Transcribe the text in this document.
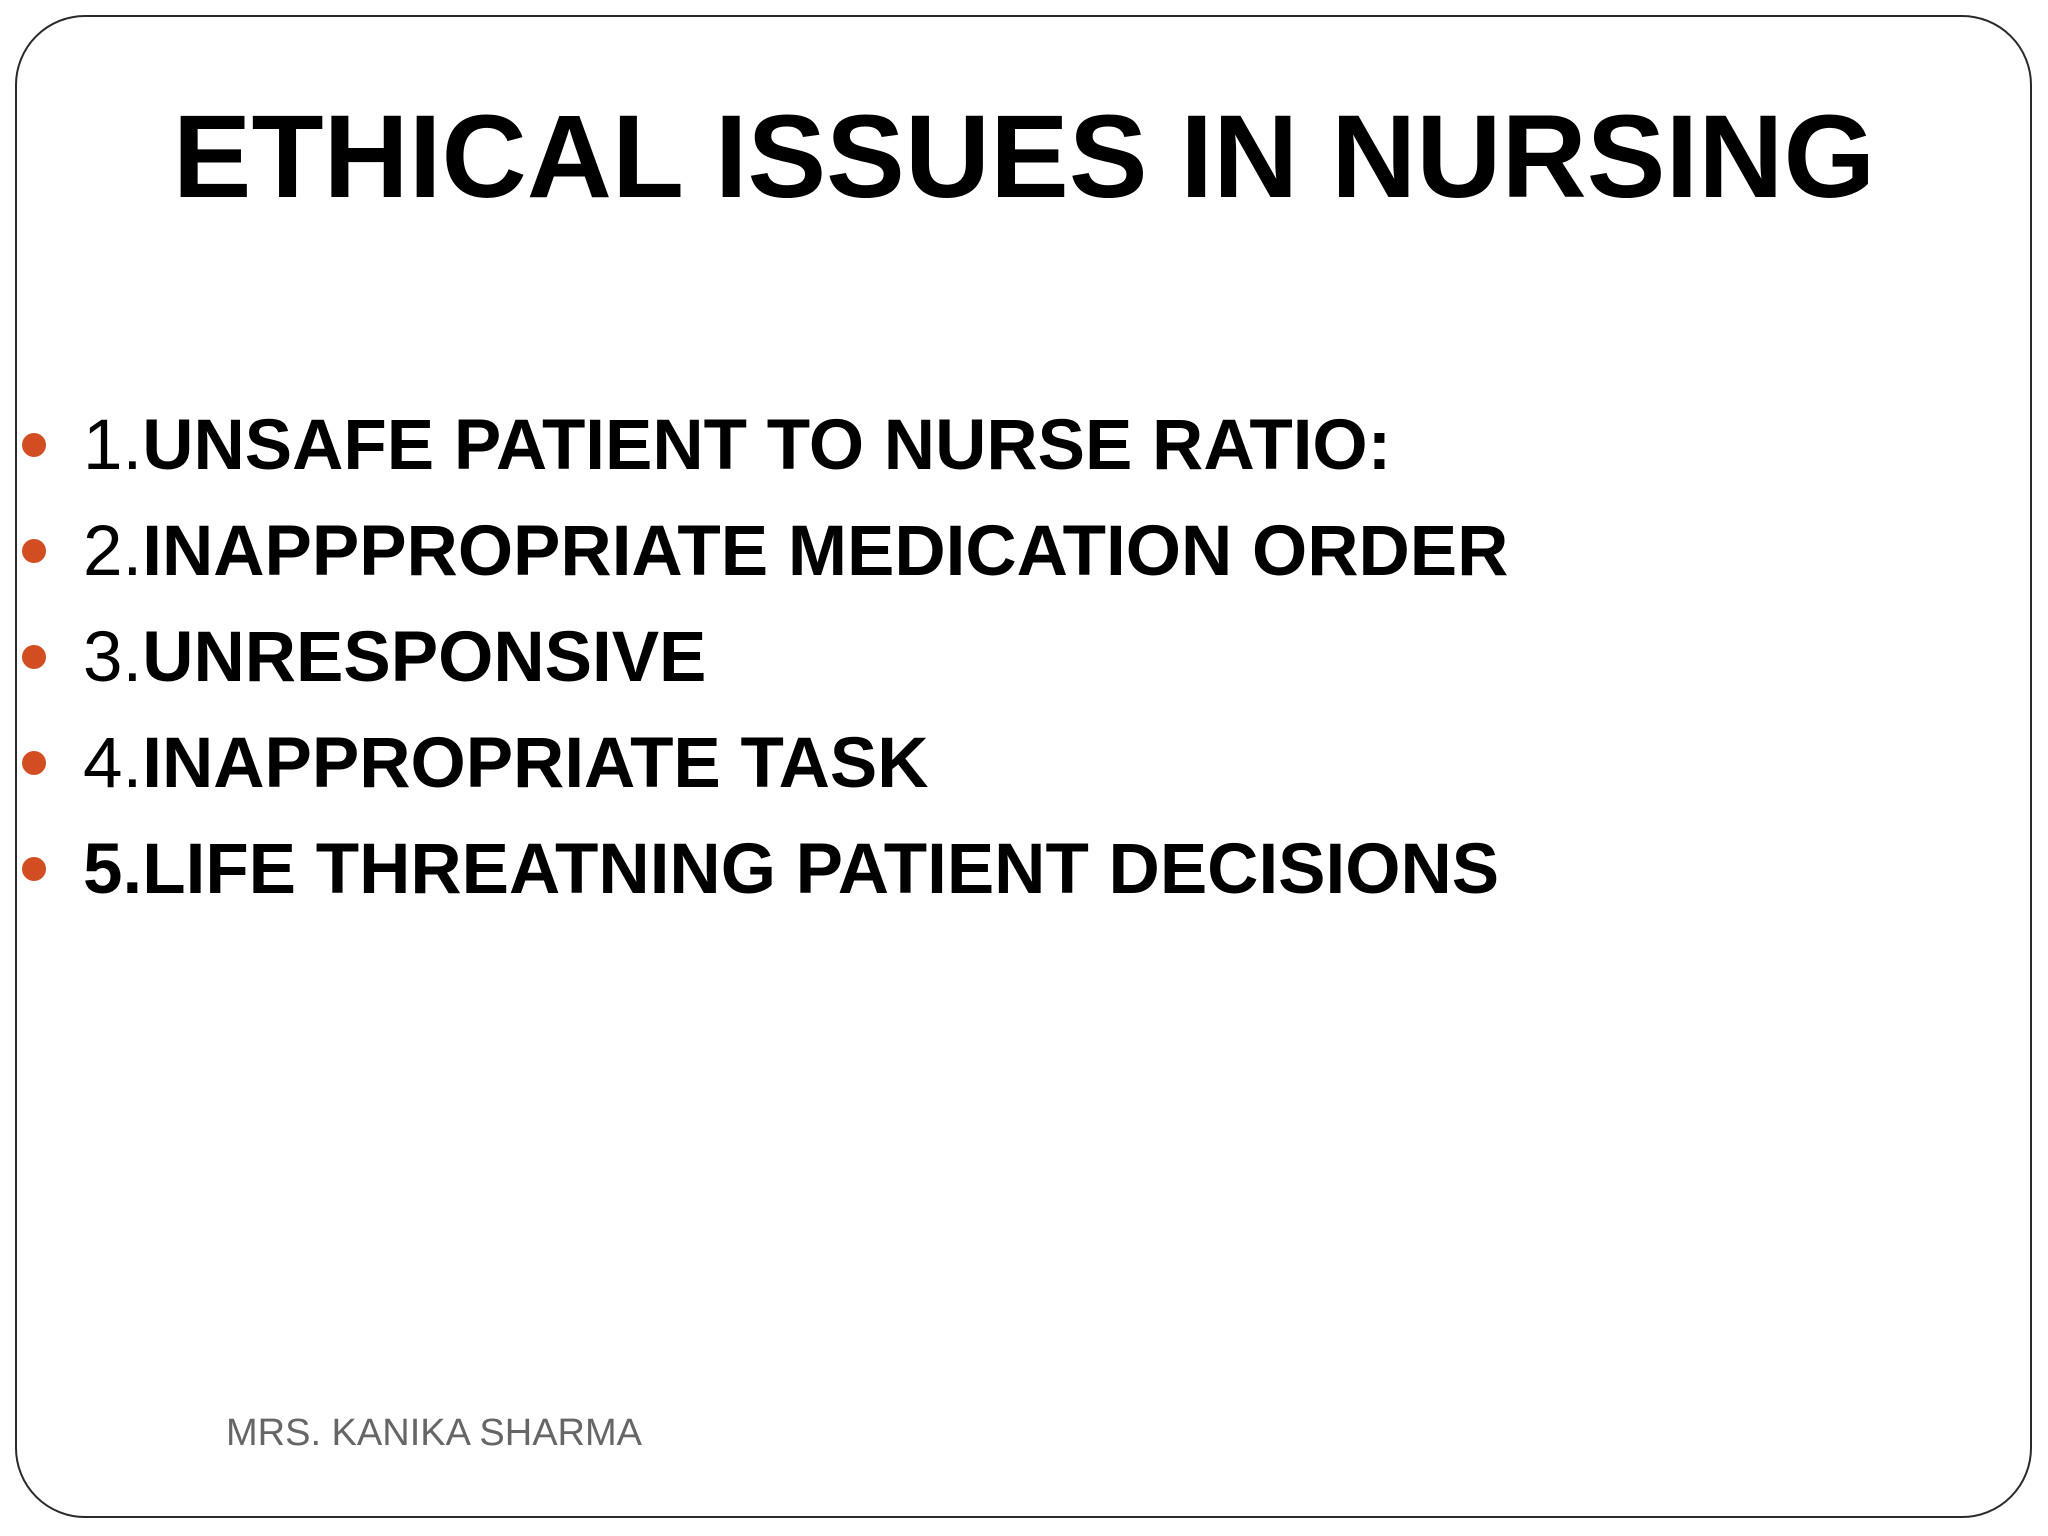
ETHICAL ISSUES IN NURSING
1. UNSAFE PATIENT TO NURSE RATIO:
2. INAPPPROPRIATE MEDICATION ORDER
3. UNRESPONSIVE
4. INAPPROPRIATE TASK
5. LIFE THREATNING PATIENT DECISIONS
MRS. KANIKA SHARMA
